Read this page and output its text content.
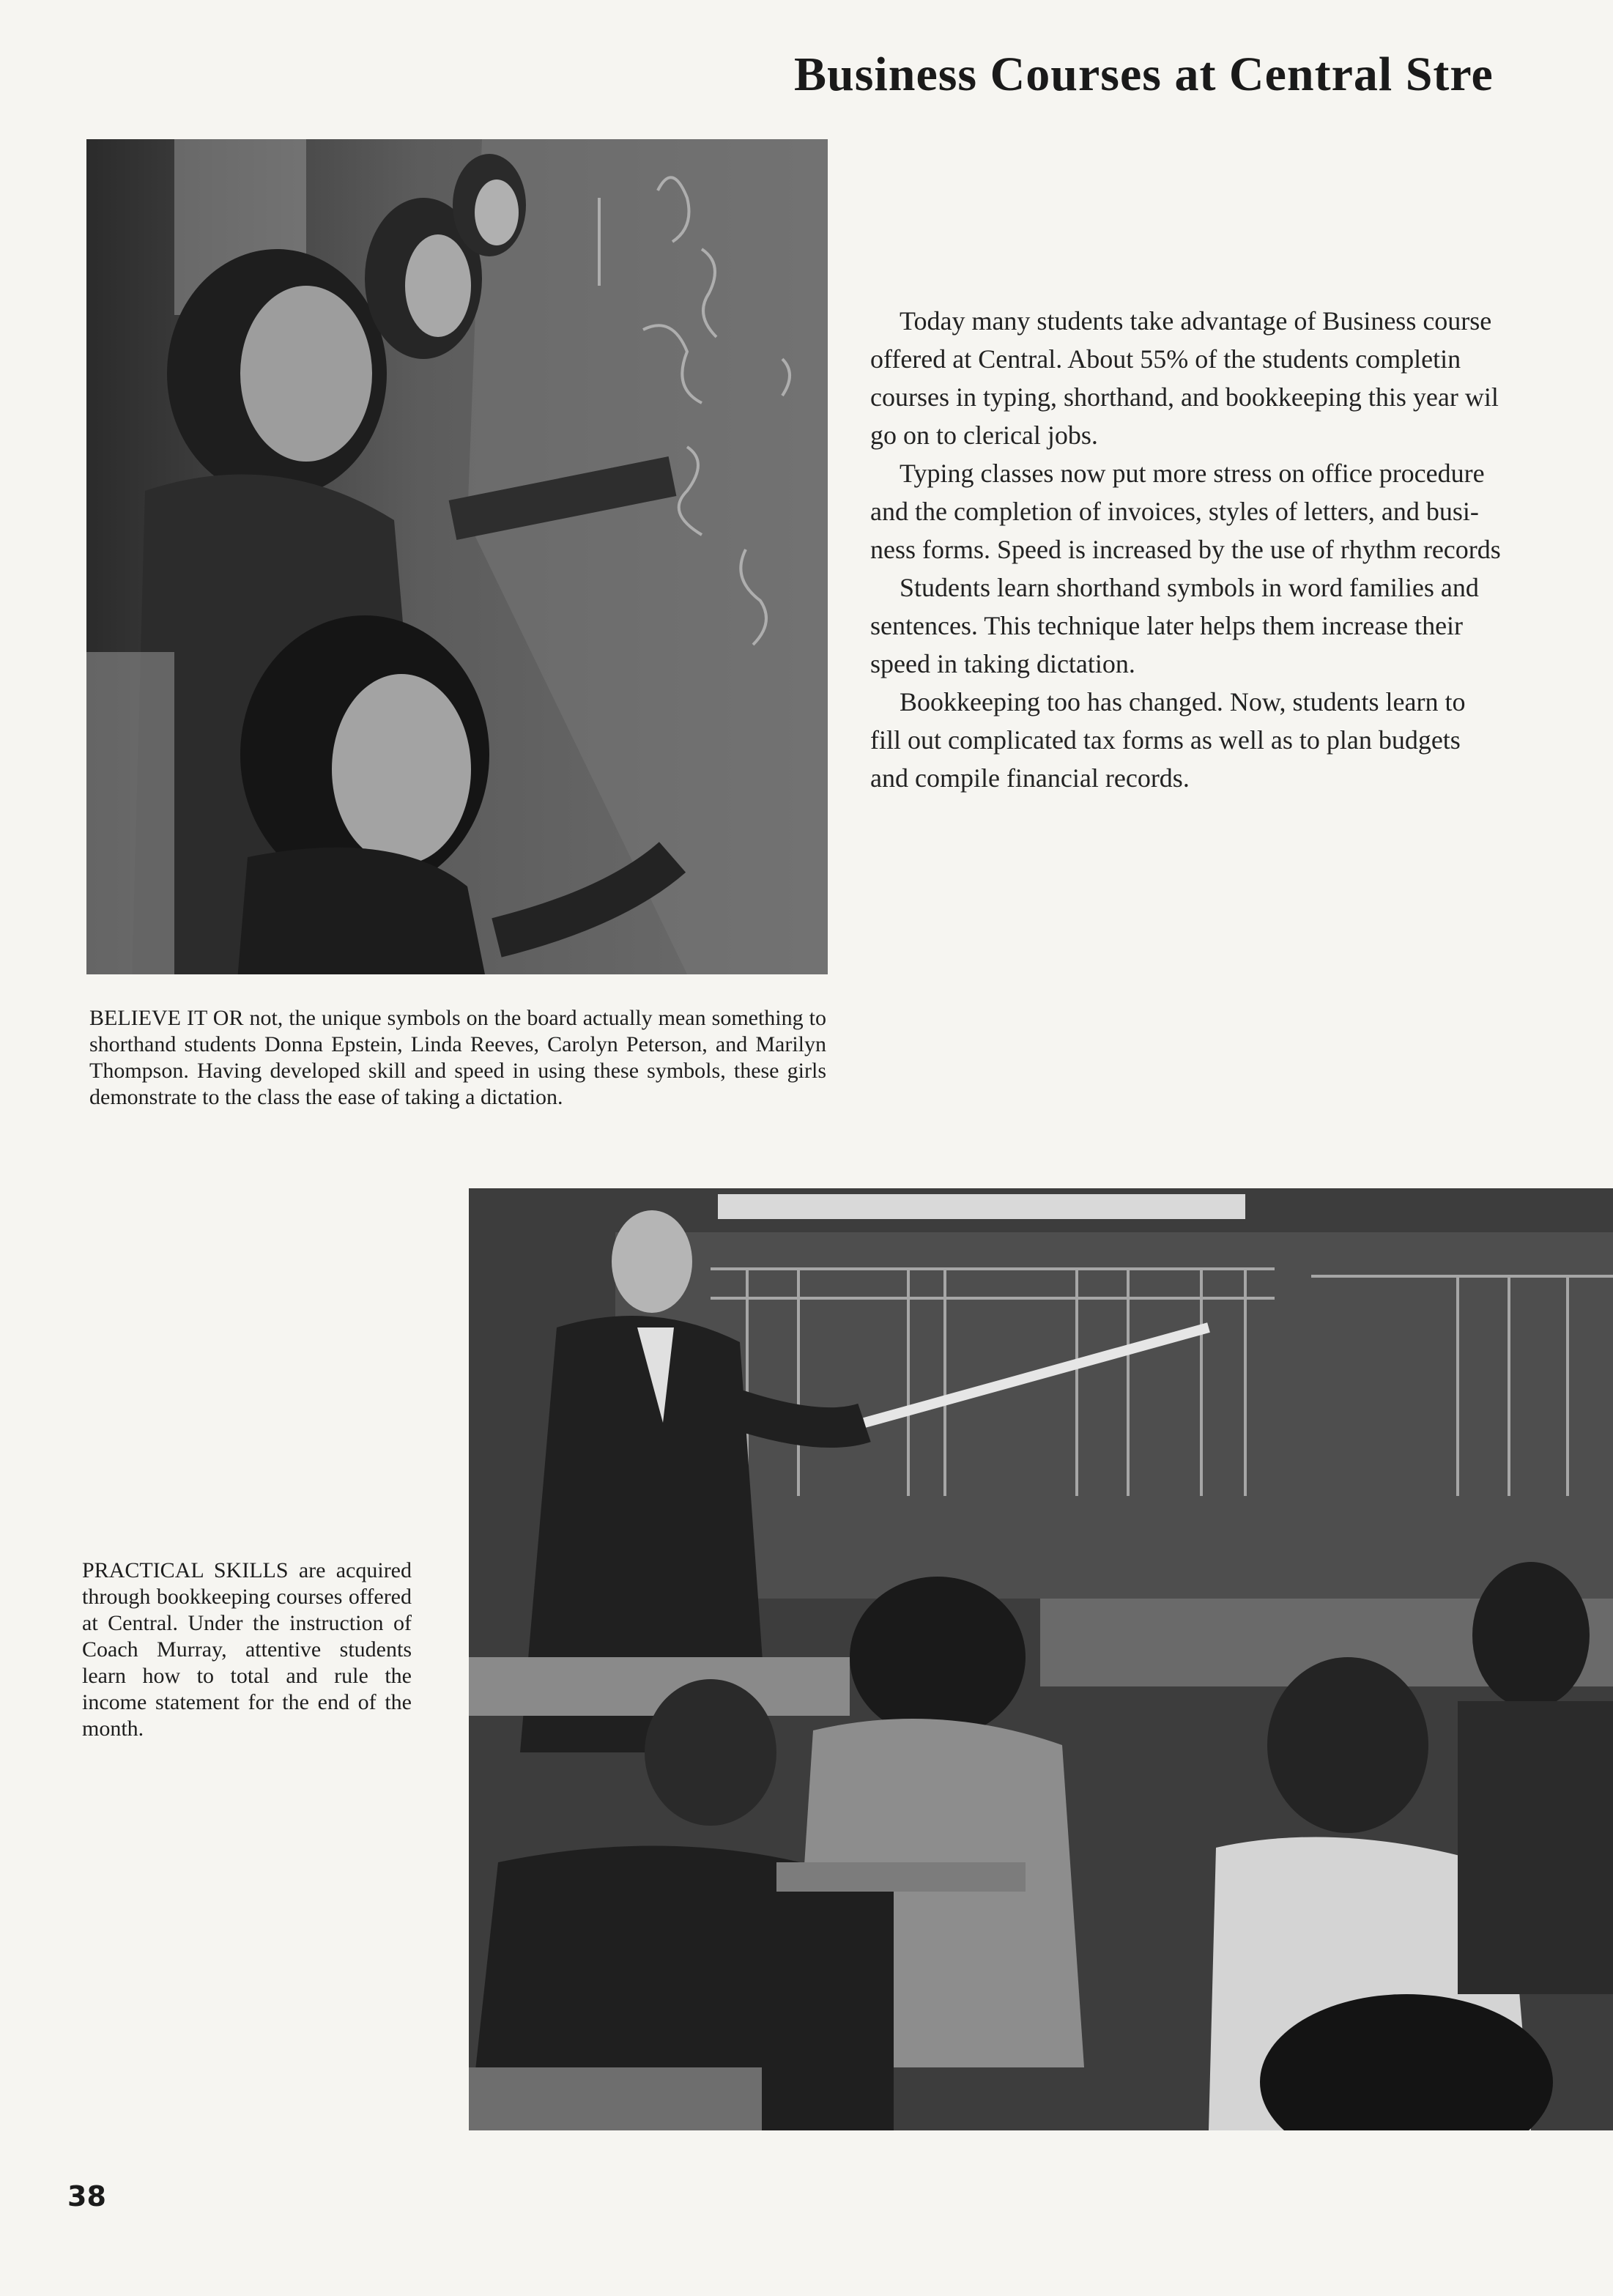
Business Courses at Central Stre

Today many students take advantage of Business course

offered at Central. About 55% of the students completin

courses in typing, shorthand, and bookkeeping this year wil

go on to clerical jobs.

Typing classes now put more stress on office procedure

and the completion of invoices, styles of letters, and busi-

ness forms. Speed is increased by the use of rhythm records

Students learn shorthand symbols in word families and

sentences. This technique later helps them increase their

speed in taking dictation.

Bookkeeping too has changed. Now, students learn to

fill out complicated tax forms as well as to plan budgets

and compile financial records.

BELIEVE IT OR not, the unique symbols on the board actually mean something to shorthand students Donna Epstein, Linda Reeves, Carolyn Peterson, and Marilyn Thompson. Having developed skill and speed in using these symbols, these girls demonstrate to the class the ease of taking a dictation.
PRACTICAL SKILLS are acquired through bookkeeping courses offered at Central. Under the instruction of Coach Murray, attentive students learn how to total and rule the income statement for the end of the month.
38
